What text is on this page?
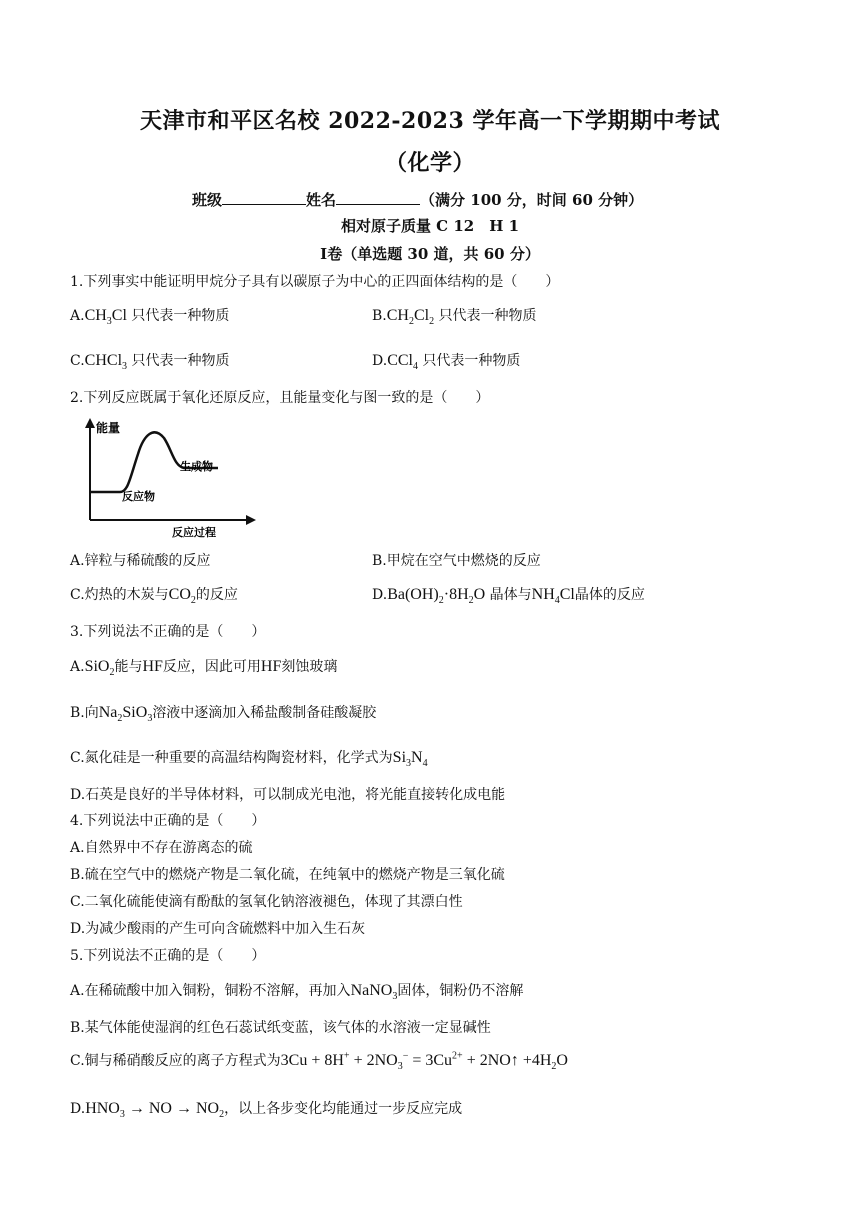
天津市和平区名校 2022-2023 学年高一下学期期中考试
（化学）
班级	姓名	（满分 100 分，时间 60 分钟）
相对原子质量 C 12　H 1
Ⅰ卷（单选题 30 道，共 60 分）
1.下列事实中能证明甲烷分子具有以碳原子为中心的正四面体结构的是（　　）
$A.CH_3Cl$ 只代表一种物质	$B.CH_2Cl_2$ 只代表一种物质
C.CHCl$_3$ 只代表一种物质	D.CCl$_4$ 只代表一种物质
2.下列反应既属于氧化还原反应，且能量变化与图一致的是（　　）
能量
生成物
反应物
反应过程
A.锌粒与稀硫酸的反应	B.甲烷在空气中燃烧的反应
C.灼热的木炭与$CO_2$的反应	$D.Ba(OH)_2\cdot 8H_2O$ 晶体与$NH_4Cl$晶体的反应
3.下列说法不正确的是（　　）
A.SiO$_2$能与HF反应，因此可用HF刻蚀玻璃
B.向$Na_2SiO_3$溶液中逐滴加入稀盐酸制备硅酸凝胶
C.氮化硅是一种重要的高温结构陶瓷材料，化学式为$Si_3N_4$
D.石英是良好的半导体材料，可以制成光电池，将光能直接转化成电能
4.下列说法中正确的是（　　）
A.自然界中不存在游离态的硫
B.硫在空气中的燃烧产物是二氧化硫，在纯氧中的燃烧产物是三氧化硫
C.二氧化硫能使滴有酚酞的氢氧化钠溶液褪色，体现了其漂白性
D.为减少酸雨的产生可向含硫燃料中加入生石灰
5.下列说法不正确的是（　　）
A.在稀硫酸中加入铜粉，铜粉不溶解，再加入NaNO$_3$固体，铜粉仍不溶解
B.某气体能使湿润的红色石蕊试纸变蓝，该气体的水溶液一定显碱性
C.铜与稀硝酸反应的离子方程式为$3Cu + 8H^+ + 2NO_3^- = 3Cu^{2+}$ + 2NO↑ $+4H_2O$
$D.HNO_3$ → NO → $NO_2$，以上各步变化均能通过一步反应完成
